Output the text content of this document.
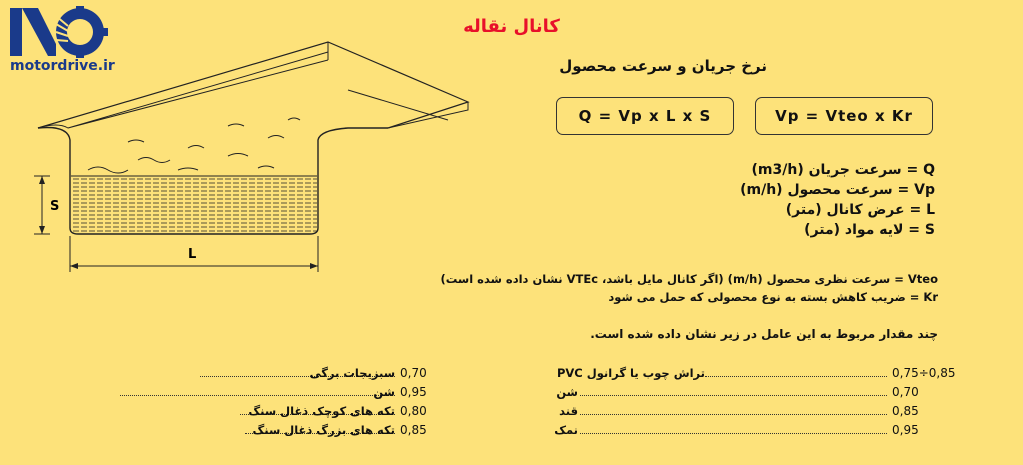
motordrive.ir
کانال نقاله
نرخ جریان و سرعت محصول
Q = Vp x L x S	Vp = Vteo x Kr
S
L
Q = سرعت جریان (m3/h)
Vp = سرعت محصول (m/h)
L = عرض کانال (متر)
S = لایه مواد (متر)
Vteo = سرعت نظری محصول (m/h) (اگر کانال مایل باشد، VTEc نشان داده شده است)
Kr = ضریب کاهش بسته به نوع محصولی که حمل می شود
چند مقدار مربوط به این عامل در زیر نشان داده شده است.
0,70
سبزیجات برگی
0,95
شن
0,80
تکه های کوچک ذغال سنگ
0,85
تکه های بزرگ ذغال سنگ
0,75÷0,85
تراش چوب یا گرانول PVC
0,70
شن
0,85
قند
0,95
نمک
